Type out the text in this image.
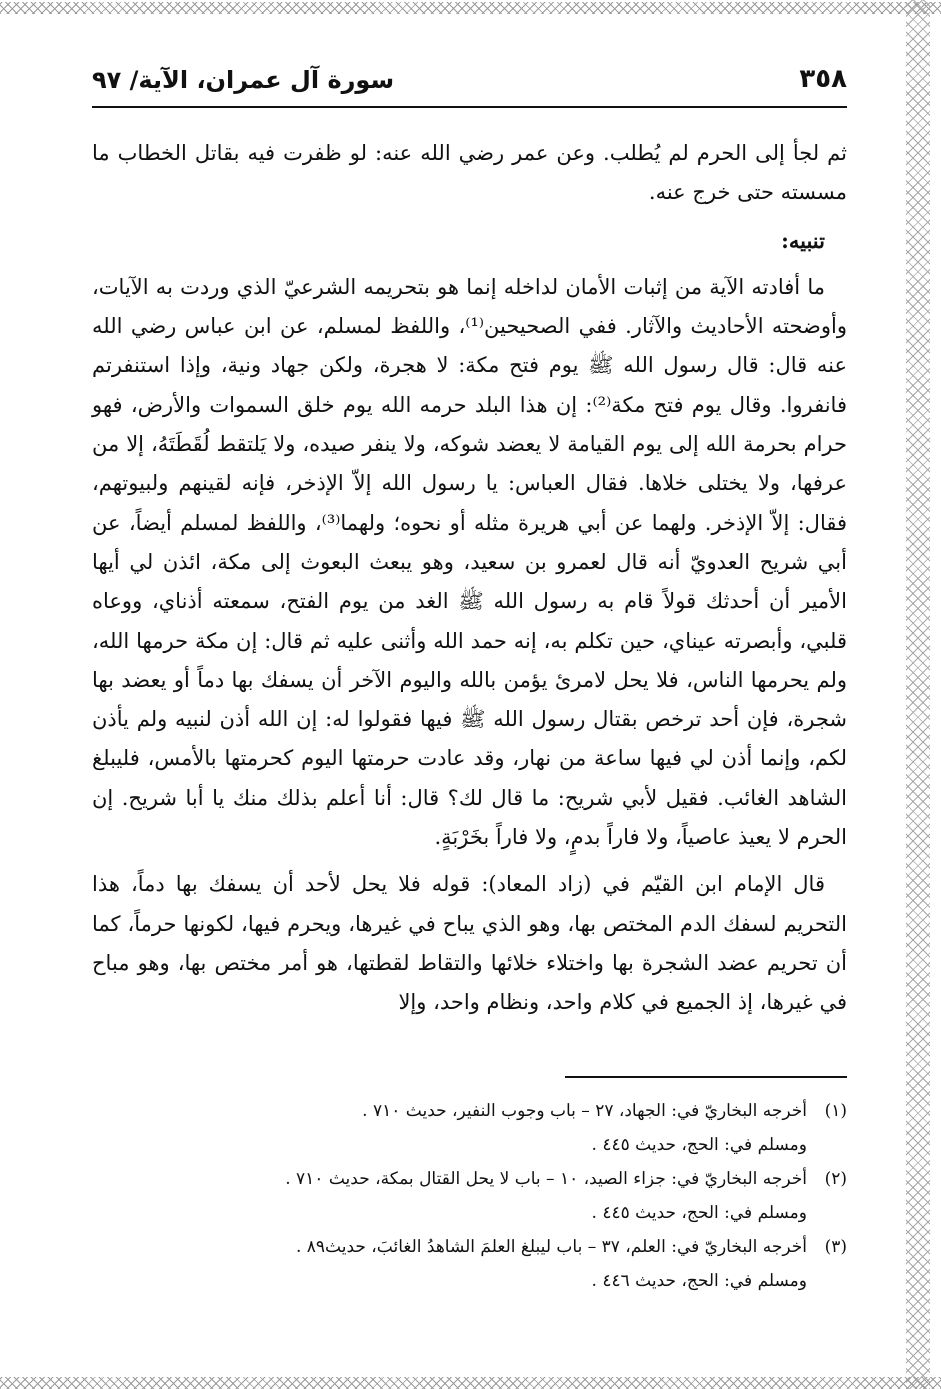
٣٥٨
سورة آل عمران، الآية/ ٩٧

ثم لجأ إلى الحرم لم يُطلب. وعن عمر رضي الله عنه: لو ظفرت فيه بقاتل الخطاب ما مسسته حتى خرج عنه.

تنبيه:

ما أفادته الآية من إثبات الأمان لداخله إنما هو بتحريمه الشرعيّ الذي وردت به الآيات، وأوضحته الأحاديث والآثار. ففي الصحيحين⁽¹⁾، واللفظ لمسلم، عن ابن عباس رضي الله عنه قال: قال رسول الله ﷺ يوم فتح مكة: لا هجرة، ولكن جهاد ونية، وإذا استنفرتم فانفروا. وقال يوم فتح مكة⁽²⁾: إن هذا البلد حرمه الله يوم خلق السموات والأرض، فهو حرام بحرمة الله إلى يوم القيامة لا يعضد شوكه، ولا ينفر صيده، ولا يَلتقط لُقَطَتَهُ، إلا من عرفها، ولا يختلى خلاها. فقال العباس: يا رسول الله إلاّ الإذخر، فإنه لقينهم ولبيوتهم، فقال: إلاّ الإذخر. ولهما عن أبي هريرة مثله أو نحوه؛ ولهما⁽³⁾، واللفظ لمسلم أيضاً، عن أبي شريح العدويّ أنه قال لعمرو بن سعيد، وهو يبعث البعوث إلى مكة، ائذن لي أيها الأمير أن أحدثك قولاً قام به رسول الله ﷺ الغد من يوم الفتح، سمعته أذناي، ووعاه قلبي، وأبصرته عيناي، حين تكلم به، إنه حمد الله وأثنى عليه ثم قال: إن مكة حرمها الله، ولم يحرمها الناس، فلا يحل لامرئ يؤمن بالله واليوم الآخر أن يسفك بها دماً أو يعضد بها شجرة، فإن أحد ترخص بقتال رسول الله ﷺ فيها فقولوا له: إن الله أذن لنبيه ولم يأذن لكم، وإنما أذن لي فيها ساعة من نهار، وقد عادت حرمتها اليوم كحرمتها بالأمس، فليبلغ الشاهد الغائب. فقيل لأبي شريح: ما قال لك؟ قال: أنا أعلم بذلك منك يا أبا شريح. إن الحرم لا يعيذ عاصياً، ولا فاراً بدمٍ، ولا فاراً بخَرْبَةٍ.

قال الإمام ابن القيّم في (زاد المعاد): قوله فلا يحل لأحد أن يسفك بها دماً، هذا التحريم لسفك الدم المختص بها، وهو الذي يباح في غيرها، ويحرم فيها، لكونها حرماً، كما أن تحريم عضد الشجرة بها واختلاء خلائها والتقاط لقطتها، هو أمر مختص بها، وهو مباح في غيرها، إذ الجميع في كلام واحد، ونظام واحد، وإلا

(١)أخرجه البخاريّ في: الجهاد، ٢٧ – باب وجوب النفير، حديث ٧١٠ .
ومسلم في: الحج، حديث ٤٤٥ .
(٢)أخرجه البخاريّ في: جزاء الصيد، ١٠ – باب لا يحل القتال بمكة، حديث ٧١٠ .
ومسلم في: الحج، حديث ٤٤٥ .
(٣)أخرجه البخاريّ في: العلم، ٣٧ – باب ليبلغ العلمَ الشاهدُ الغائبَ، حديث٨٩ .
ومسلم في: الحج، حديث ٤٤٦ .
